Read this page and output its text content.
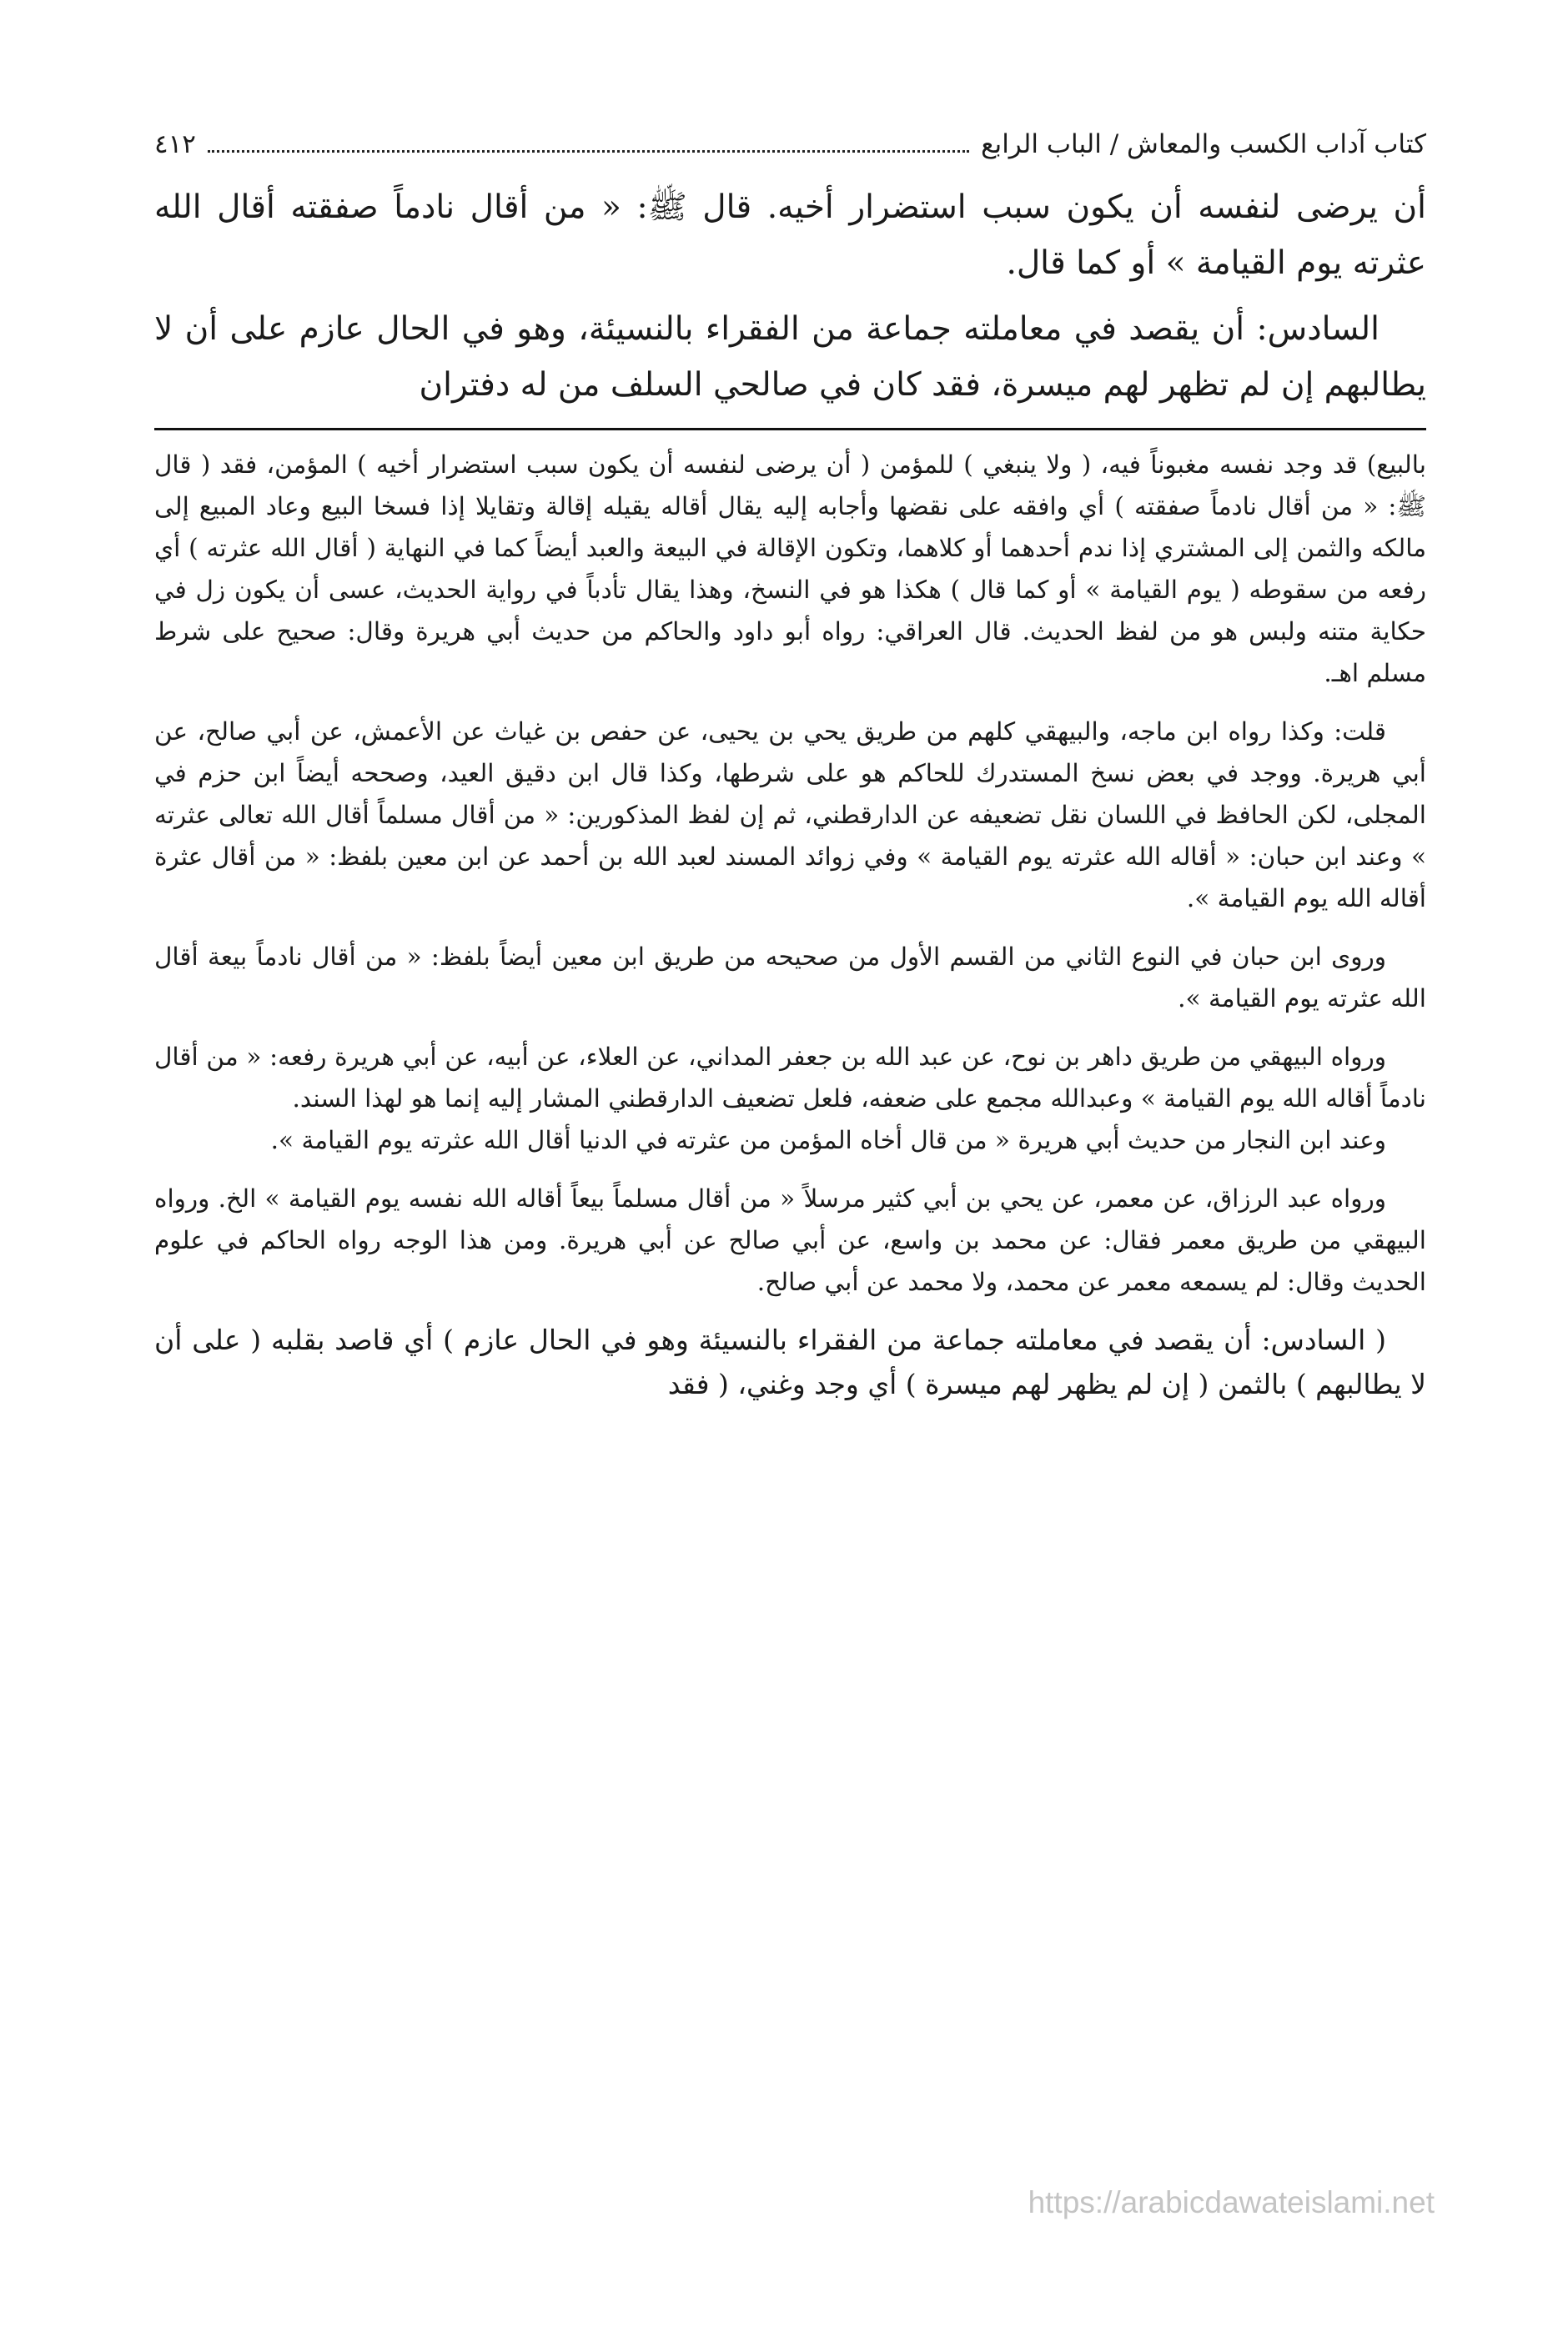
كتاب آداب الكسب والمعاش / الباب الرابع
٤١٢

أن يرضى لنفسه أن يكون سبب استضرار أخيه. قال ﷺ: « من أقال نادماً صفقته أقال الله عثرته يوم القيامة » أو كما قال.

السادس: أن يقصد في معاملته جماعة من الفقراء بالنسيئة، وهو في الحال عازم على أن لا يطالبهم إن لم تظهر لهم ميسرة، فقد كان في صالحي السلف من له دفتران

بالبيع) قد وجد نفسه مغبوناً فيه، ( ولا ينبغي ) للمؤمن ( أن يرضى لنفسه أن يكون سبب استضرار أخيه ) المؤمن، فقد ( قال ﷺ: « من أقال نادماً صفقته ) أي وافقه على نقضها وأجابه إليه يقال أقاله يقيله إقالة وتقايلا إذا فسخا البيع وعاد المبيع إلى مالكه والثمن إلى المشتري إذا ندم أحدهما أو كلاهما، وتكون الإقالة في البيعة والعبد أيضاً كما في النهاية ( أقال الله عثرته ) أي رفعه من سقوطه ( يوم القيامة » أو كما قال ) هكذا هو في النسخ، وهذا يقال تأدباً في رواية الحديث، عسى أن يكون زل في حكاية متنه ولبس هو من لفظ الحديث. قال العراقي: رواه أبو داود والحاكم من حديث أبي هريرة وقال: صحيح على شرط مسلم اهـ.

قلت: وكذا رواه ابن ماجه، والبيهقي كلهم من طريق يحي بن يحيى، عن حفص بن غياث عن الأعمش، عن أبي صالح، عن أبي هريرة. ووجد في بعض نسخ المستدرك للحاكم هو على شرطها، وكذا قال ابن دقيق العيد، وصححه أيضاً ابن حزم في المجلى، لكن الحافظ في اللسان نقل تضعيفه عن الدارقطني، ثم إن لفظ المذكورين: « من أقال مسلماً أقال الله تعالى عثرته » وعند ابن حبان: « أقاله الله عثرته يوم القيامة » وفي زوائد المسند لعبد الله بن أحمد عن ابن معين بلفظ: « من أقال عثرة أقاله الله يوم القيامة ».

وروى ابن حبان في النوع الثاني من القسم الأول من صحيحه من طريق ابن معين أيضاً بلفظ: « من أقال نادماً بيعة أقال الله عثرته يوم القيامة ».

ورواه البيهقي من طريق داهر بن نوح، عن عبد الله بن جعفر المداني، عن العلاء، عن أبيه، عن أبي هريرة رفعه: « من أقال نادماً أقاله الله يوم القيامة » وعبدالله مجمع على ضعفه، فلعل تضعيف الدارقطني المشار إليه إنما هو لهذا السند.

وعند ابن النجار من حديث أبي هريرة « من قال أخاه المؤمن من عثرته في الدنيا أقال الله عثرته يوم القيامة ».

ورواه عبد الرزاق، عن معمر، عن يحي بن أبي كثير مرسلاً « من أقال مسلماً بيعاً أقاله الله نفسه يوم القيامة » الخ. ورواه البيهقي من طريق معمر فقال: عن محمد بن واسع، عن أبي صالح عن أبي هريرة. ومن هذا الوجه رواه الحاكم في علوم الحديث وقال: لم يسمعه معمر عن محمد، ولا محمد عن أبي صالح.

( السادس: أن يقصد في معاملته جماعة من الفقراء بالنسيئة وهو في الحال عازم ) أي قاصد بقلبه ( على أن لا يطالبهم ) بالثمن ( إن لم يظهر لهم ميسرة ) أي وجد وغني، ( فقد

https://arabicdawateislami.net
